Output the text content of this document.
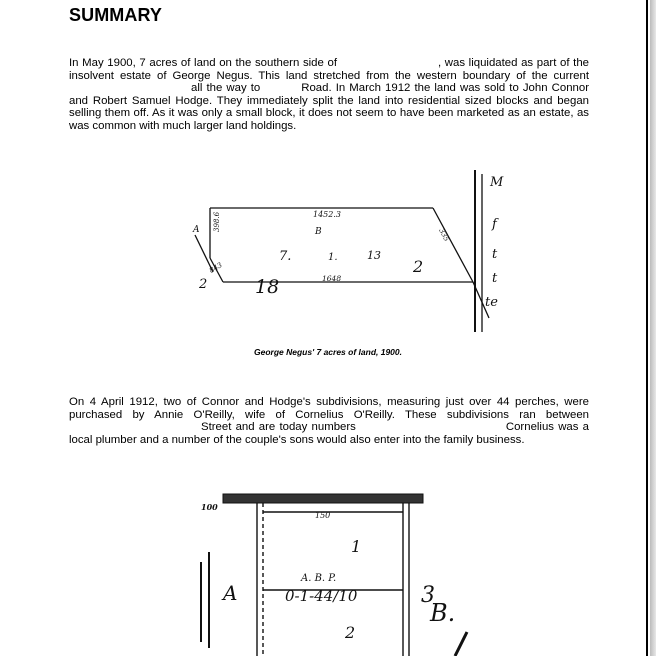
SUMMARY

In May 1900, 7 acres of land on the southern side of	, was liquidated as part of the insolvent estate of George Negus. This land stretched from the western boundary of the currentall the way to	Road. In March 1912 the land was sold to John Connor and Robert Samuel Hodge. They immediately split the land into residential sized blocks and began selling them off. As it was only a small block, it does not seem to have been marketed as an estate, as was common with much larger land holdings.

1452.3
B
7.	1.	13
2
18
2	1648
A 398.6
843
335
M
f
t
t
te
George Negus' 7 acres of land, 1900.

On 4 April 1912, two of Connor and Hodge's subdivisions, measuring just over 44 perches, were purchased by Annie O'Reilly, wife of Cornelius O'Reilly. These subdivisions ran betweenStreet and are today numbers	Cornelius was a local plumber and a number of the couple's sons would also enter into the family business.

100
150
1
A
A. B. P.
0-1-44/10	3
B.
2
